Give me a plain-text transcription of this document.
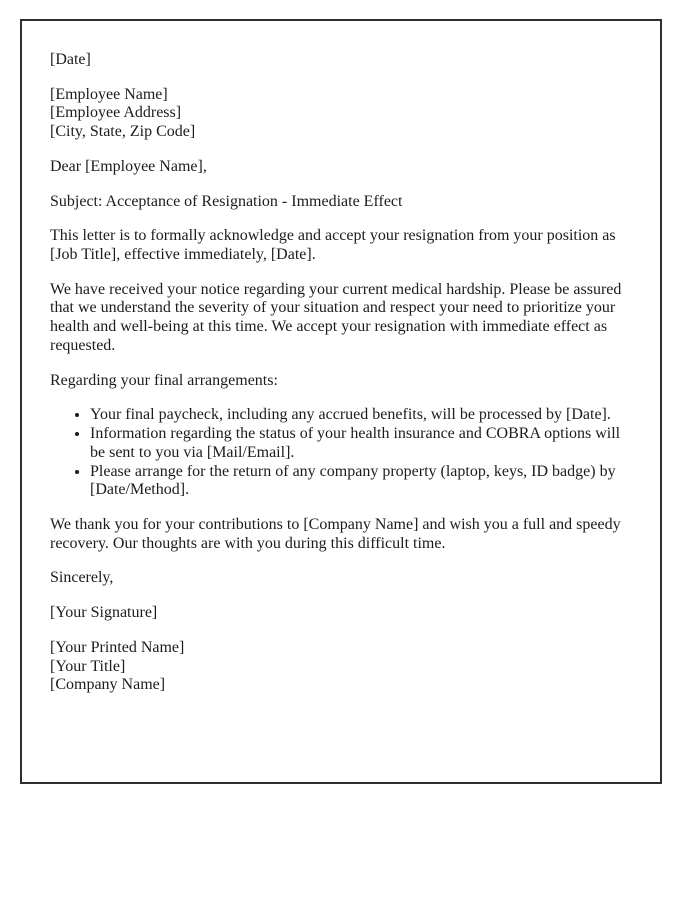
[Date]

[Employee Name]
[Employee Address]
[City, State, Zip Code]

Dear [Employee Name],

Subject: Acceptance of Resignation - Immediate Effect

This letter is to formally acknowledge and accept your resignation from your position as [Job Title], effective immediately, [Date].

We have received your notice regarding your current medical hardship. Please be assured that we understand the severity of your situation and respect your need to prioritize your health and well-being at this time. We accept your resignation with immediate effect as requested.

Regarding your final arrangements:

• Your final paycheck, including any accrued benefits, will be processed by [Date].
• Information regarding the status of your health insurance and COBRA options will be sent to you via [Mail/Email].
• Please arrange for the return of any company property (laptop, keys, ID badge) by [Date/Method].

We thank you for your contributions to [Company Name] and wish you a full and speedy recovery. Our thoughts are with you during this difficult time.

Sincerely,

[Your Signature]

[Your Printed Name]
[Your Title]
[Company Name]
